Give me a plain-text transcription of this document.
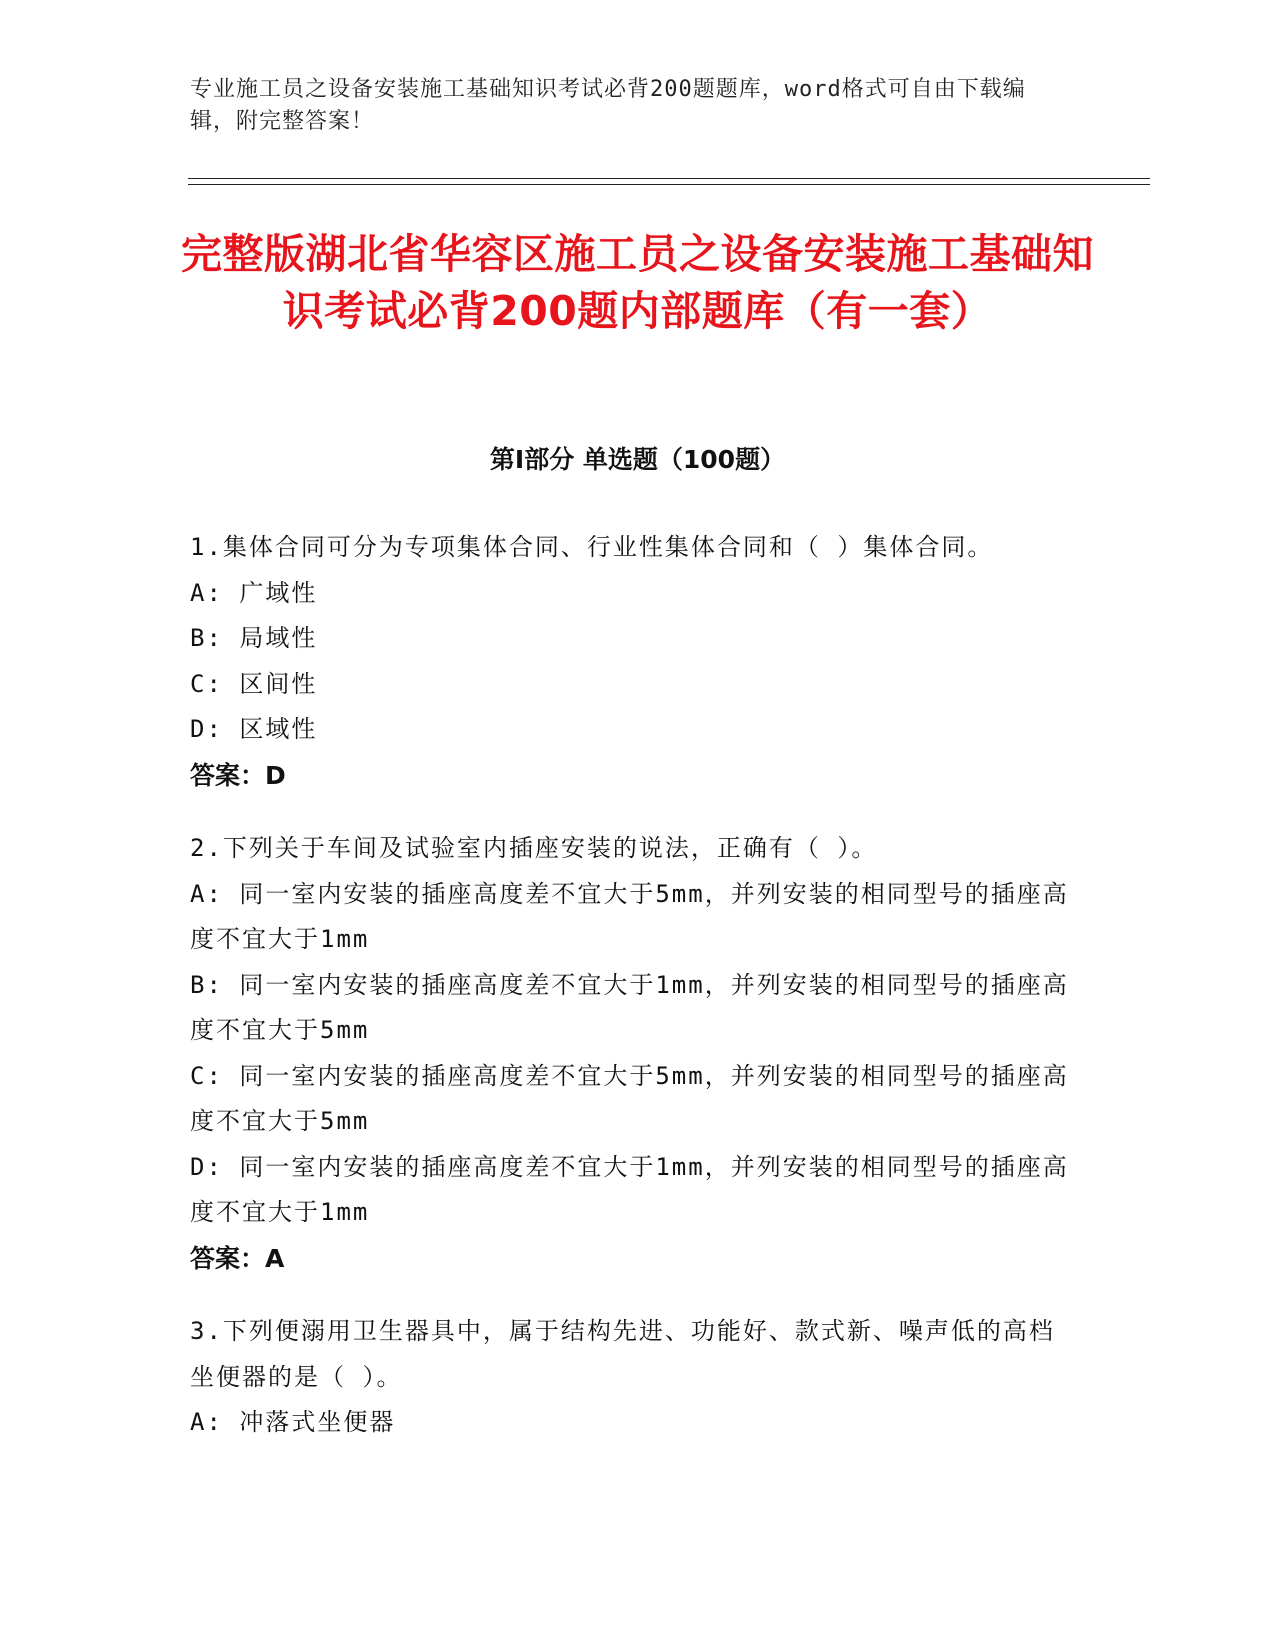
专业施工员之设备安装施工基础知识考试必背200题题库，word格式可自由下载编辑，附完整答案！
完整版湖北省华容区施工员之设备安装施工基础知识考试必背200题内部题库（有一套）
第I部分 单选题（100题）
1.集体合同可分为专项集体合同、行业性集体合同和（ ）集体合同。
A: 广域性
B: 局域性
C: 区间性
D: 区域性
答案：D
2.下列关于车间及试验室内插座安装的说法，正确有（ ）。
A: 同一室内安装的插座高度差不宜大于5mm，并列安装的相同型号的插座高度不宜大于1mm
B: 同一室内安装的插座高度差不宜大于1mm，并列安装的相同型号的插座高度不宜大于5mm
C: 同一室内安装的插座高度差不宜大于5mm，并列安装的相同型号的插座高度不宜大于5mm
D: 同一室内安装的插座高度差不宜大于1mm，并列安装的相同型号的插座高度不宜大于1mm
答案：A
3.下列便溺用卫生器具中，属于结构先进、功能好、款式新、噪声低的高档坐便器的是（ ）。
A: 冲落式坐便器
